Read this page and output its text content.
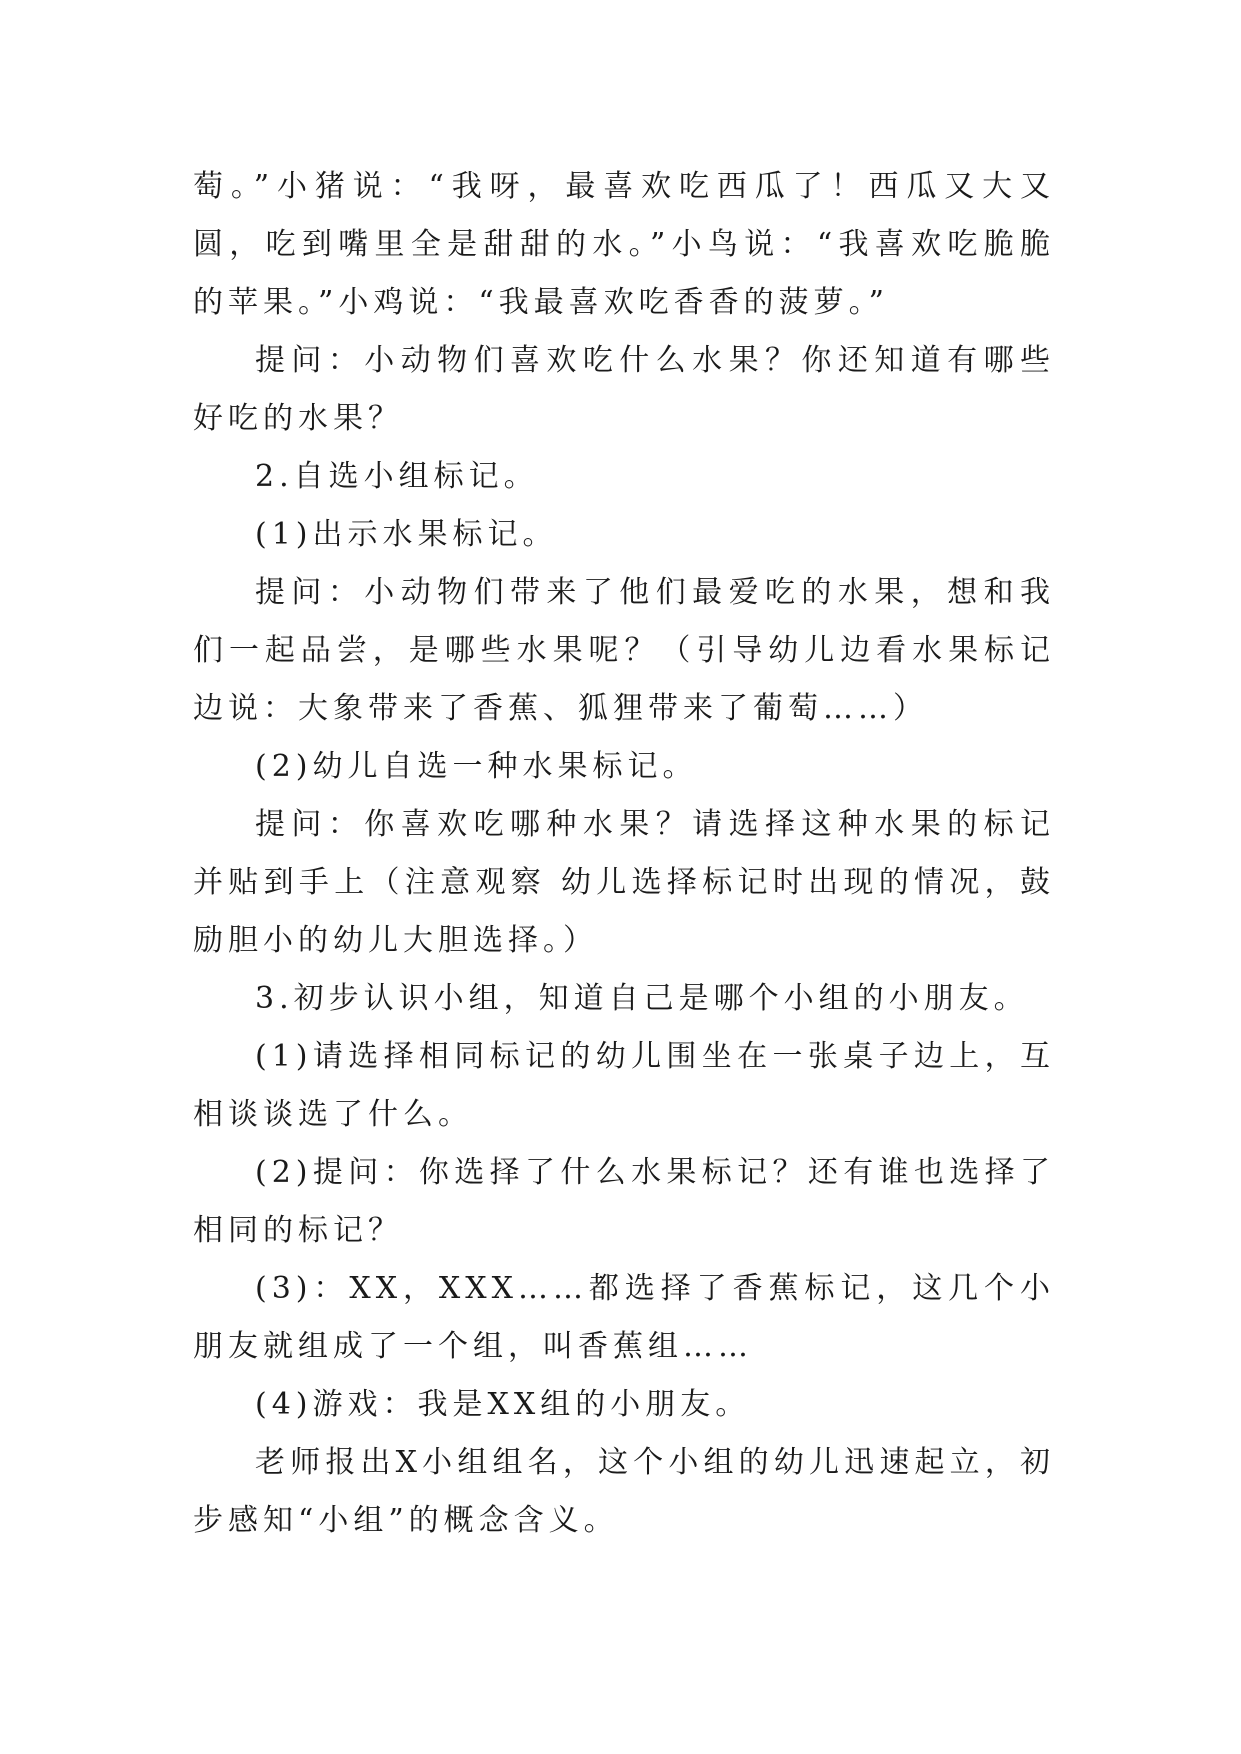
萄。”小猪说：“我呀，最喜欢吃西瓜了！西瓜又大又圆，吃到嘴里全是甜甜的水。”小鸟说：“我喜欢吃脆脆的苹果。”小鸡说：“我最喜欢吃香香的菠萝。”

提问：小动物们喜欢吃什么水果？你还知道有哪些好吃的水果？

2.自选小组标记。

(1)出示水果标记。

提问：小动物们带来了他们最爱吃的水果，想和我们一起品尝，是哪些水果呢？（引导幼儿边看水果标记边说：大象带来了香蕉、狐狸带来了葡萄……）

(2)幼儿自选一种水果标记。

提问：你喜欢吃哪种水果？请选择这种水果的标记并贴到手上（注意观察 幼儿选择标记时出现的情况，鼓励胆小的幼儿大胆选择。）

3.初步认识小组，知道自己是哪个小组的小朋友。

(1)请选择相同标记的幼儿围坐在一张桌子边上，互相谈谈选了什么。

(2)提问：你选择了什么水果标记？还有谁也选择了相同的标记？

(3)：XX，XXX……都选择了香蕉标记，这几个小朋友就组成了一个组，叫香蕉组……

(4)游戏：我是XX组的小朋友。

老师报出X小组组名，这个小组的幼儿迅速起立，初步感知“小组”的概念含义。
